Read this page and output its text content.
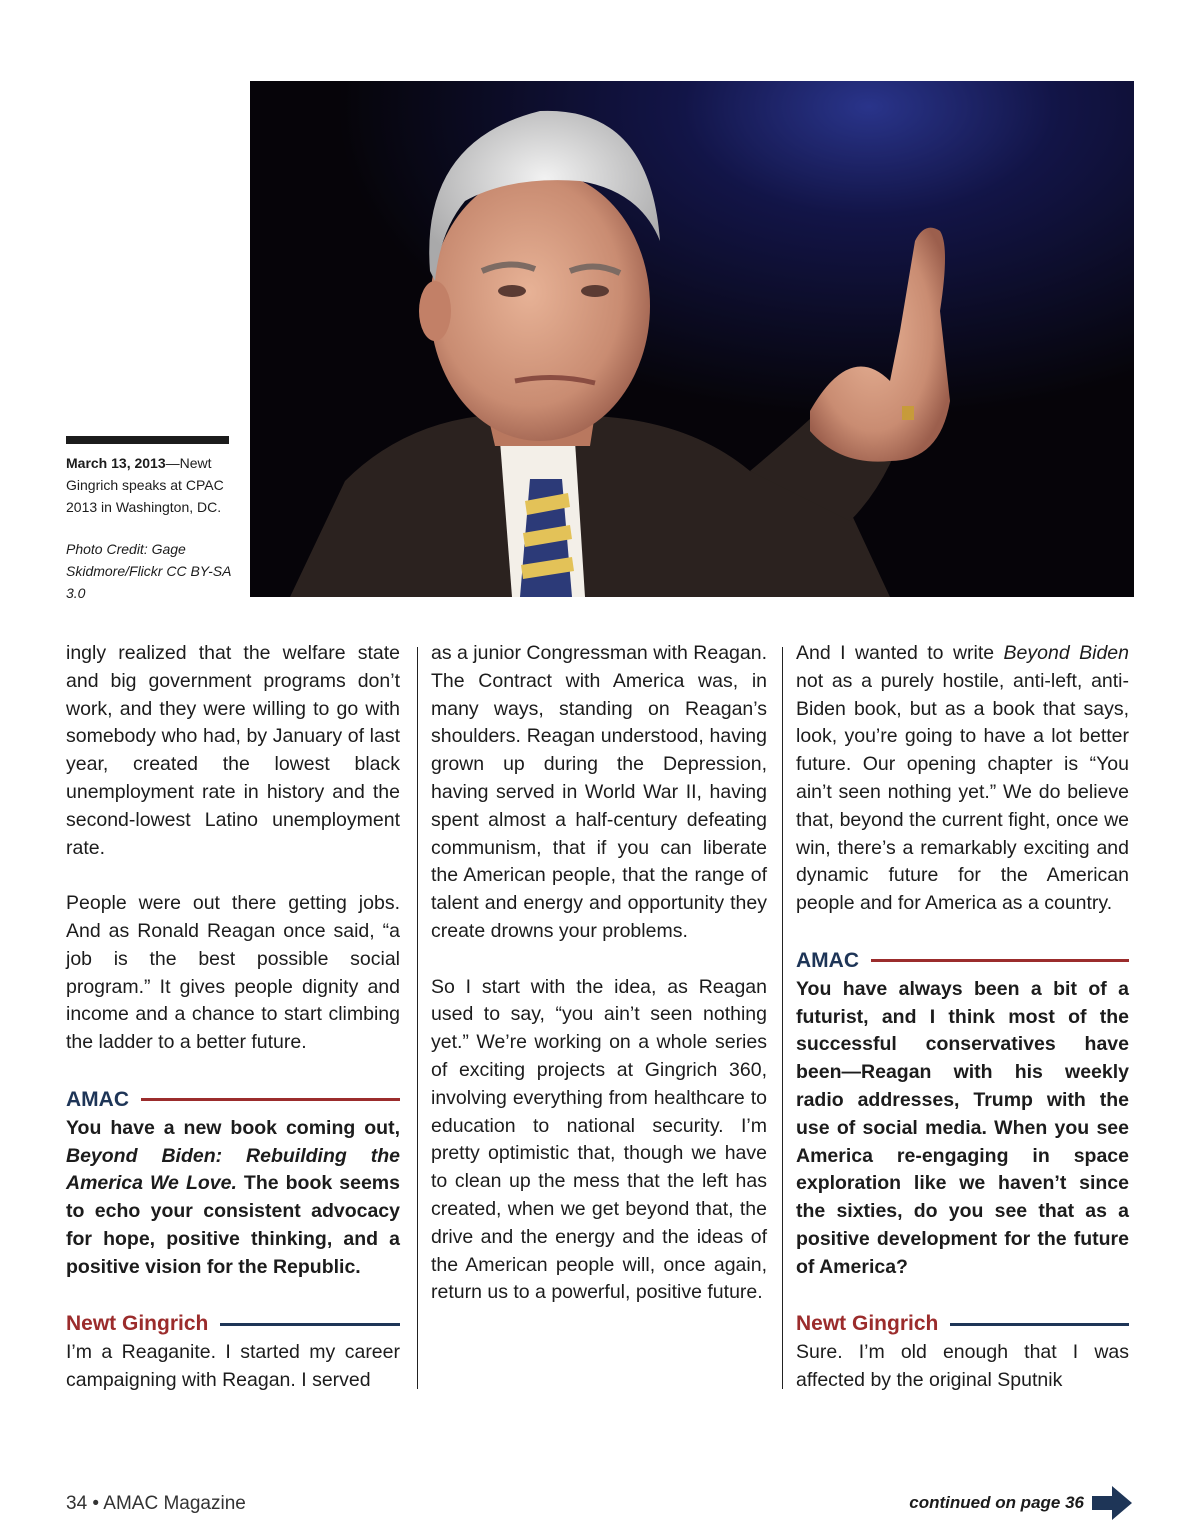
March 13, 2013—Newt Gingrich speaks at CPAC 2013 in Washington, DC.
Photo Credit: Gage Skidmore/Flickr CC BY-SA 3.0

ingly realized that the welfare state and big government programs don’t work, and they were willing to go with somebody who had, by January of last year, created the lowest black unemployment rate in history and the second-lowest Latino unemployment rate.

People were out there getting jobs. And as Ronald Reagan once said, “a job is the best possible social program.” It gives people dignity and income and a chance to start climbing the ladder to a better future.

AMAC

You have a new book coming out, Beyond Biden: Rebuilding the America We Love. The book seems to echo your consistent advocacy for hope, positive thinking, and a positive vision for the Republic.

Newt Gingrich

I’m a Reaganite. I started my career campaigning with Reagan. I served

as a junior Congressman with Reagan. The Contract with America was, in many ways, standing on Reagan’s shoulders. Reagan understood, having grown up during the Depression, having served in World War II, having spent almost a half-century defeating communism, that if you can liberate the American people, that the range of talent and energy and opportunity they create drowns your problems.

So I start with the idea, as Reagan used to say, “you ain’t seen nothing yet.” We’re working on a whole series of exciting projects at Gingrich 360, involving everything from healthcare to education to national security. I’m pretty optimistic that, though we have to clean up the mess that the left has created, when we get beyond that, the drive and the energy and the ideas of the American people will, once again, return us to a powerful, positive future.

And I wanted to write Beyond Biden not as a purely hostile, anti-left, anti-Biden book, but as a book that says, look, you’re going to have a lot better future. Our opening chapter is “You ain’t seen nothing yet.” We do believe that, beyond the current fight, once we win, there’s a remarkably exciting and dynamic future for the American people and for America as a country.

AMAC

You have always been a bit of a futurist, and I think most of the successful conservatives have been—Reagan with his weekly radio addresses, Trump with the use of social media. When you see America re-engaging in space exploration like we haven’t since the sixties, do you see that as a positive development for the future of America?

Newt Gingrich

Sure. I’m old enough that I was affected by the original Sputnik

34 • AMAC Magazine	continued on page 36
